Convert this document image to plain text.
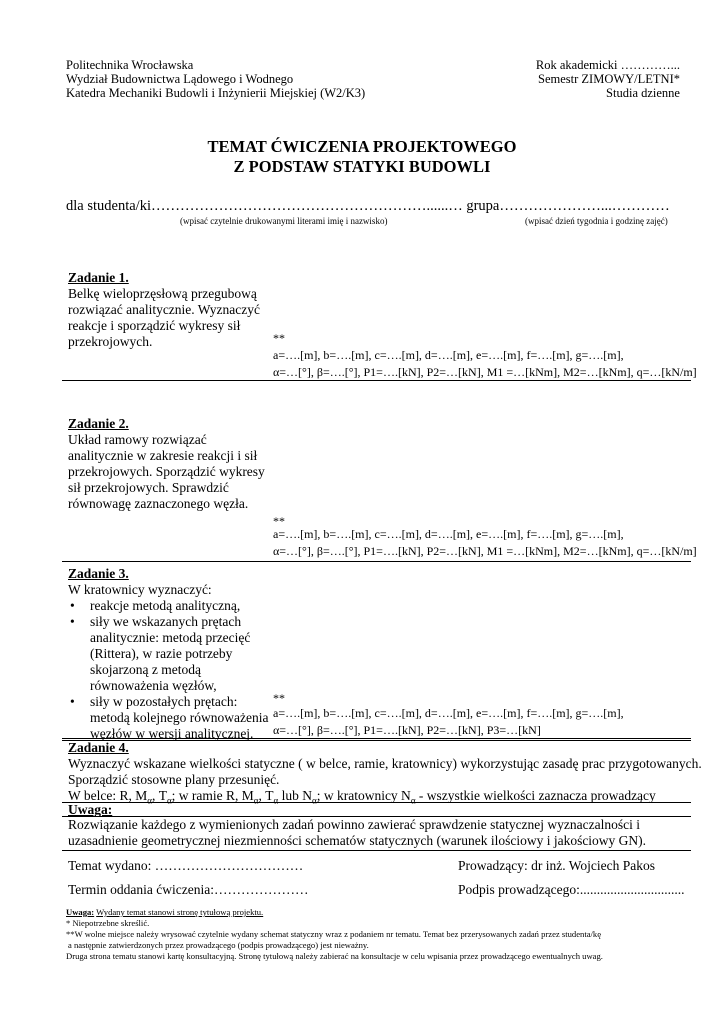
Politechnika Wrocławska
Wydział Budownictwa Lądowego i Wodnego
Katedra Mechaniki Budowli i Inżynierii Miejskiej (W2/K3)
Rok akademicki …………...
Semestr ZIMOWY/LETNI*
Studia dzienne
TEMAT ĆWICZENIA PROJEKTOWEGO
Z PODSTAW STATYKI BUDOWLI
dla studenta/ki…………………………………………………......… grupa…………………...…………
(wpisać czytelnie drukowanymi literami imię i nazwisko)	(wpisać dzień tygodnia i godzinę zajęć)
Zadanie 1.
Belkę wieloprzęsłową przegubową rozwiązać analitycznie. Wyznaczyć reakcje i sporządzić wykresy sił przekrojowych.	**
a=….[m], b=….[m], c=….[m], d=….[m], e=….[m], f=….[m], g=….[m],
α=…[°], β=….[°], P1=….[kN], P2=…[kN], M1 =…[kNm], M2=…[kNm], q=…[kN/m]
Zadanie 2.
Układ ramowy rozwiązać analitycznie w zakresie reakcji i sił przekrojowych. Sporządzić wykresy sił przekrojowych. Sprawdzić równowagę zaznaczonego węzła.
**
a=….[m], b=….[m], c=….[m], d=….[m], e=….[m], f=….[m], g=….[m],
α=…[°], β=….[°], P1=….[kN], P2=…[kN], M1 =…[kNm], M2=…[kNm], q=…[kN/m]
Zadanie 3.
W kratownicy wyznaczyć:
• reakcje metodą analityczną,
• siły we wskazanych prętach analitycznie: metodą przecięć (Rittera), w razie potrzeby skojarzoną z metodą równoważenia węzłów,
• siły w pozostałych prętach: metodą kolejnego równoważenia węzłów w wersji analitycznej.
**
a=….[m], b=….[m], c=….[m], d=….[m], e=….[m], f=….[m], g=….[m],
α=…[°], β=….[°], P1=….[kN], P2=…[kN], P3=…[kN]
Zadanie 4.
Wyznaczyć wskazane wielkości statyczne ( w belce, ramie, kratownicy) wykorzystując zasadę prac przygotowanych.
Sporządzić stosowne plany przesunięć.
W belce: R, $M_\alpha$, $T_\alpha$; w ramie R, $M_\alpha$, $T_\alpha$ lub $N_\alpha$; w kratownicy $N_\alpha$ - wszystkie wielkości zaznacza prowadzący
Uwaga:
Rozwiązanie każdego z wymienionych zadań powinno zawierać sprawdzenie statycznej wyznaczalności i
uzasadnienie geometrycznej niezmienności schematów statycznych (warunek ilościowy i jakościowy GN).
Temat wydano: ……………………………	Prowadzący: dr inż. Wojciech Pakos
Termin oddania ćwiczenia:…………………	Podpis prowadzącego:...............................
Uwaga: Wydany temat stanowi stronę tytułową projektu.
* Niepotrzebne skreślić.
**W wolne miejsce należy wrysować czytelnie wydany schemat statyczny wraz z podaniem nr tematu. Temat bez przerysowanych zadań przez studenta/kę
a następnie zatwierdzonych przez prowadzącego (podpis prowadzącego) jest nieważny.
Druga strona tematu stanowi kartę konsultacyjną. Stronę tytułową należy zabierać na konsultacje w celu wpisania przez prowadzącego ewentualnych uwag.
